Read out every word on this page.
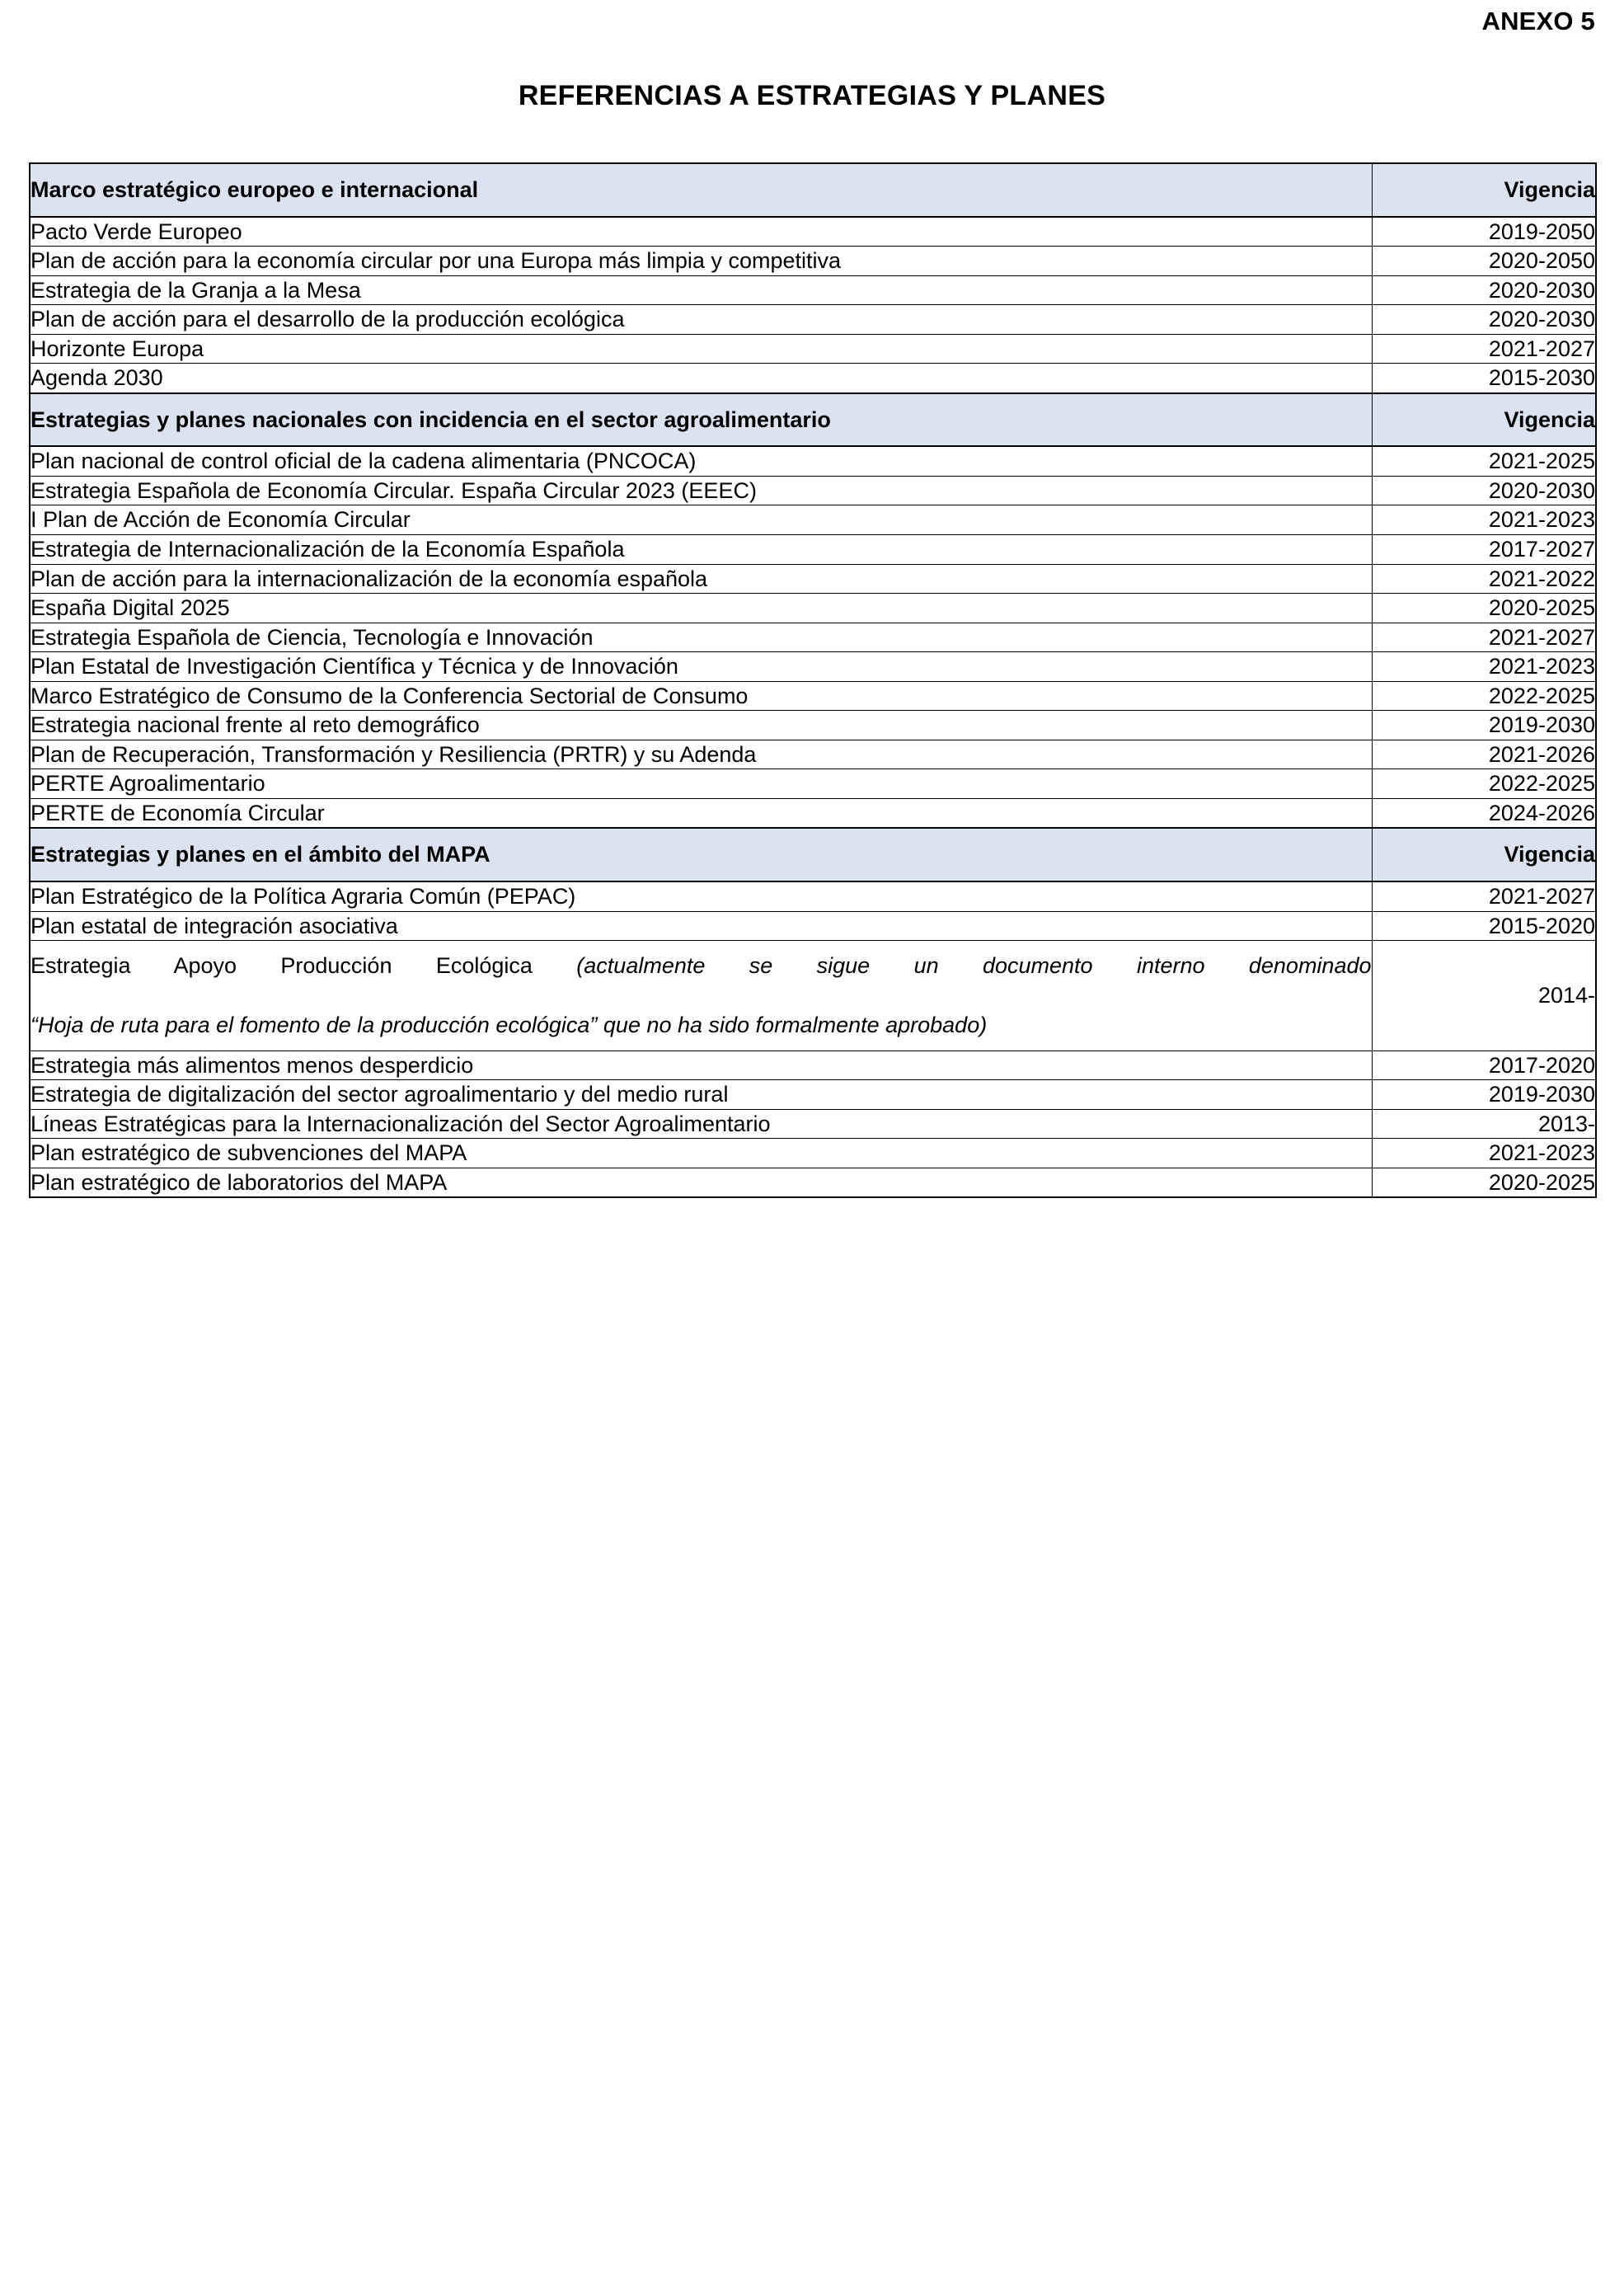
ANEXO 5
REFERENCIAS A ESTRATEGIAS Y PLANES
Marco estratégico europeo e internacional	Vigencia
Pacto Verde Europeo	2019-2050
Plan de acción para la economía circular por una Europa más limpia y competitiva	2020-2050
Estrategia de la Granja a la Mesa	2020-2030
Plan de acción para el desarrollo de la producción ecológica	2020-2030
Horizonte Europa	2021-2027
Agenda 2030	2015-2030
Estrategias y planes nacionales con incidencia en el sector agroalimentario	Vigencia
Plan nacional de control oficial de la cadena alimentaria (PNCOCA)	2021-2025
Estrategia Española de Economía Circular. España Circular 2023 (EEEC)	2020-2030
I Plan de Acción de Economía Circular	2021-2023
Estrategia de Internacionalización de la Economía Española	2017-2027
Plan de acción para la internacionalización de la economía española	2021-2022
España Digital 2025	2020-2025
Estrategia Española de Ciencia, Tecnología e Innovación	2021-2027
Plan Estatal de Investigación Científica y Técnica y de Innovación	2021-2023
Marco Estratégico de Consumo de la Conferencia Sectorial de Consumo	2022-2025
Estrategia nacional frente al reto demográfico	2019-2030
Plan de Recuperación, Transformación y Resiliencia (PRTR) y su Adenda	2021-2026
PERTE Agroalimentario	2022-2025
PERTE de Economía Circular	2024-2026
Estrategias y planes en el ámbito del MAPA	Vigencia
Plan Estratégico de la Política Agraria Común (PEPAC)	2021-2027
Plan estatal de integración asociativa	2015-2020

Estrategia Apoyo Producción Ecológica (actualmente se sigue un documento interno denominado
“Hoja de ruta para el fomento de la producción ecológica” que no ha sido formalmente aprobado)	2014-
Estrategia más alimentos menos desperdicio	2017-2020
Estrategia de digitalización del sector agroalimentario y del medio rural	2019-2030
Líneas Estratégicas para la Internacionalización del Sector Agroalimentario	2013-
Plan estratégico de subvenciones del MAPA	2021-2023
Plan estratégico de laboratorios del MAPA	2020-2025
